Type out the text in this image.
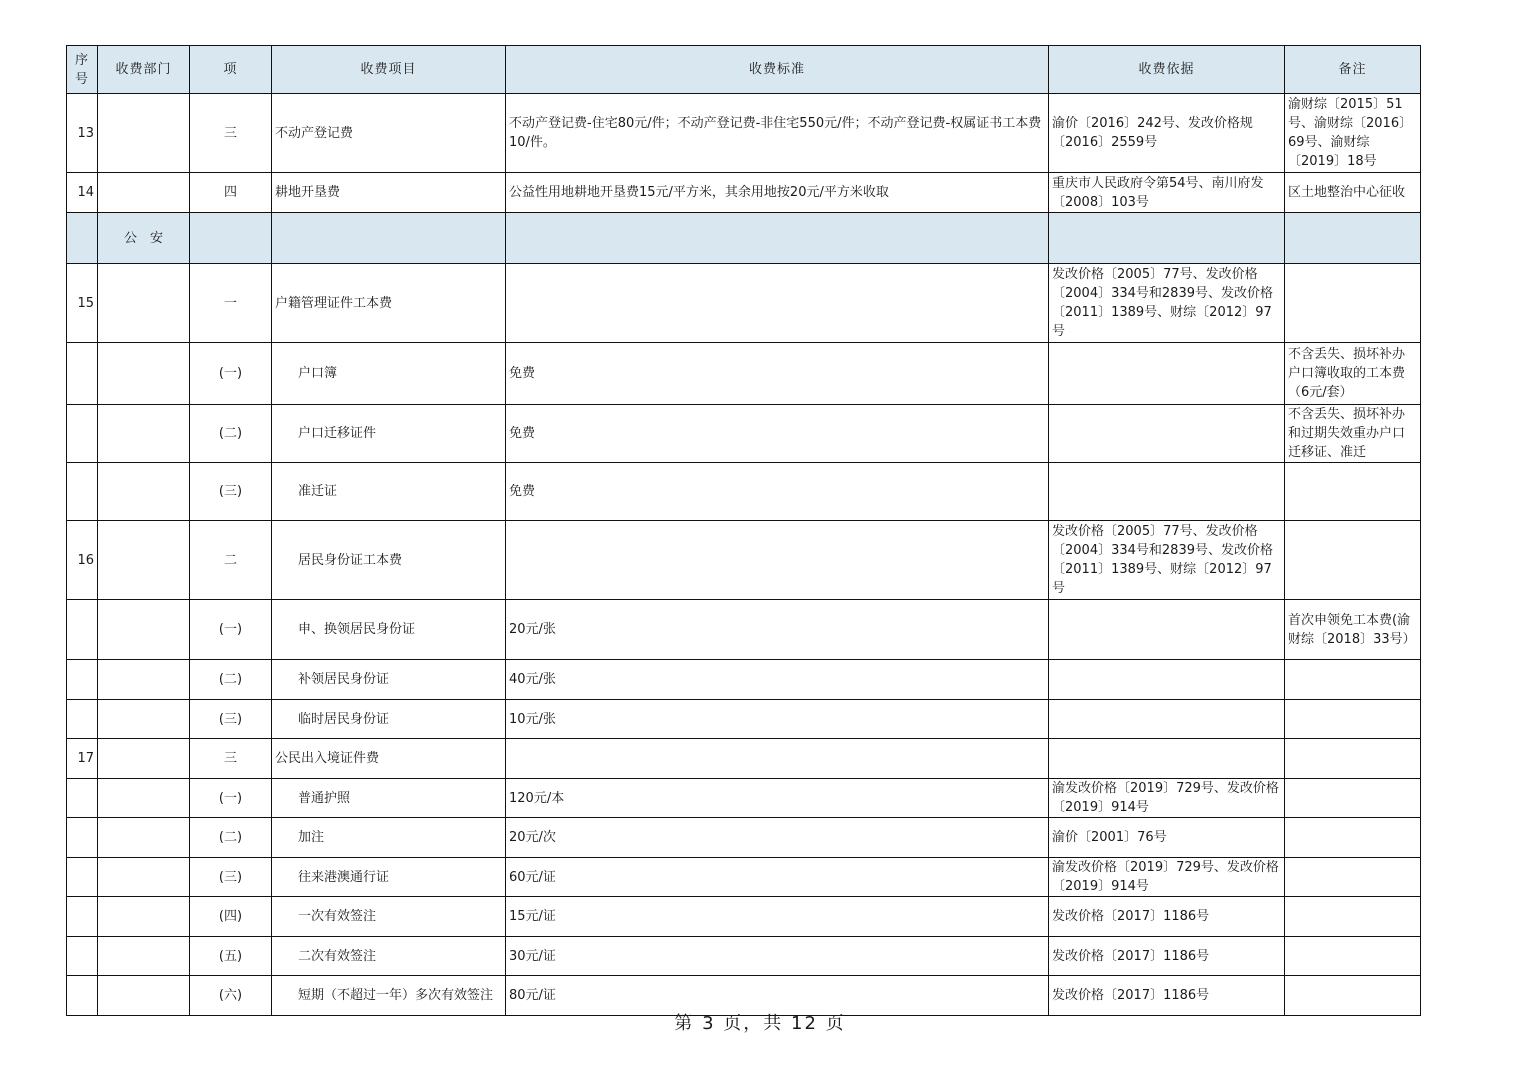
序号	收费部门	项	收费项目	收费标准	收费依据	备注
13		三	不动产登记费	不动产登记费-住宅80元/件；不动产登记费-非住宅550元/件；不动产登记费-权属证书工本费10/件。	渝价〔2016〕242号、发改价格规〔2016〕2559号	渝财综〔2015〕51号、渝财综〔2016〕69号、渝财综〔2019〕18号
14		四	耕地开垦费	公益性用地耕地开垦费15元/平方米，其余用地按20元/平方米收取	重庆市人民政府令第54号、南川府发〔2008〕103号	区土地整治中心征收
	公　安					
15		一	户籍管理证件工本费		发改价格〔2005〕77号、发改价格〔2004〕334号和2839号、发改价格〔2011〕1389号、财综〔2012〕97号	
		(一)	户口簿	免费		不含丢失、损坏补办户口簿收取的工本费（6元/套）
		(二)	户口迁移证件	免费		不含丢失、损坏补办和过期失效重办户口迁移证、准迁
		(三)	准迁证	免费		
16		二	居民身份证工本费		发改价格〔2005〕77号、发改价格〔2004〕334号和2839号、发改价格〔2011〕1389号、财综〔2012〕97号	
		(一)	申、换领居民身份证	20元/张		首次申领免工本费(渝财综〔2018〕33号）
		(二)	补领居民身份证	40元/张		
		(三)	临时居民身份证	10元/张		
17		三	公民出入境证件费			
		(一)	普通护照	120元/本	渝发改价格〔2019〕729号、发改价格〔2019〕914号	
		(二)	加注	20元/次	渝价〔2001〕76号	
		(三)	往来港澳通行证	60元/证	渝发改价格〔2019〕729号、发改价格〔2019〕914号	
		(四)	一次有效签注	15元/证	发改价格〔2017〕1186号	
		(五)	二次有效签注	30元/证	发改价格〔2017〕1186号	
		(六)	短期（不超过一年）多次有效签注	80元/证	发改价格〔2017〕1186号	
第 3 页，共 12 页
